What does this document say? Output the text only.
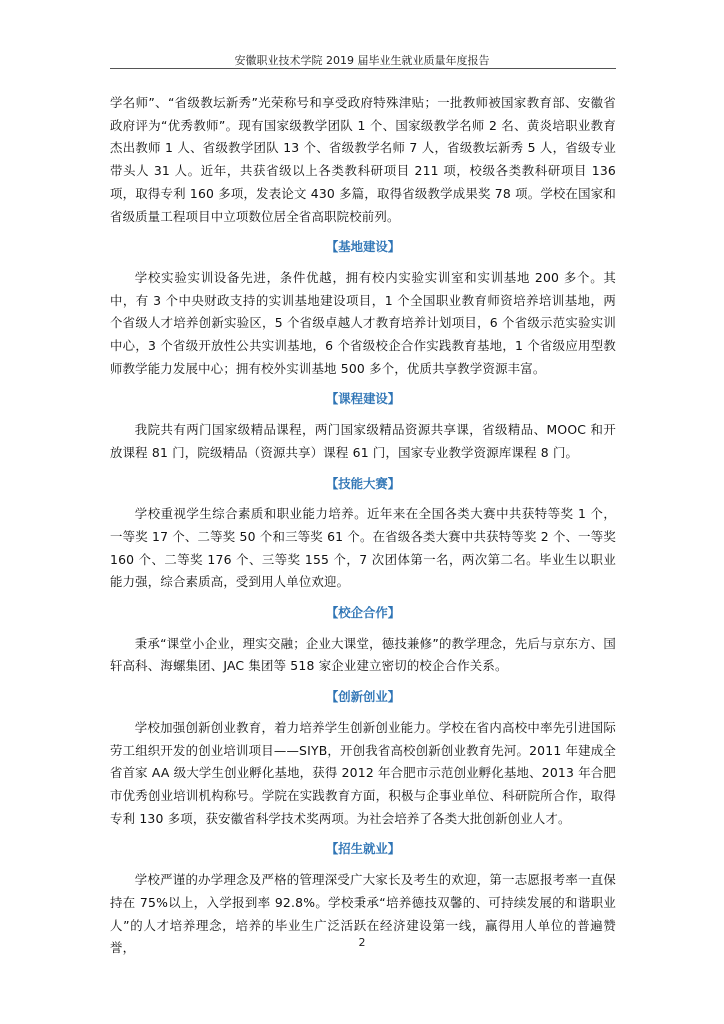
安徽职业技术学院 2019 届毕业生就业质量年度报告

学名师”、“省级教坛新秀”光荣称号和享受政府特殊津贴；一批教师被国家教育部、安徽省政府评为“优秀教师”。现有国家级教学团队 1 个、国家级教学名师 2 名、黄炎培职业教育杰出教师 1 人、省级教学团队 13 个、省级教学名师 7 人，省级教坛新秀 5 人，省级专业带头人 31 人。近年，共获省级以上各类教科研项目 211 项，校级各类教科研项目 136 项，取得专利 160 多项，发表论文 430 多篇，取得省级教学成果奖 78 项。学校在国家和省级质量工程项目中立项数位居全省高职院校前列。

【基地建设】

学校实验实训设备先进，条件优越，拥有校内实验实训室和实训基地 200 多个。其中，有 3 个中央财政支持的实训基地建设项目，1 个全国职业教育师资培养培训基地，两个省级人才培养创新实验区，5 个省级卓越人才教育培养计划项目，6 个省级示范实验实训中心，3 个省级开放性公共实训基地，6 个省级校企合作实践教育基地，1 个省级应用型教师教学能力发展中心；拥有校外实训基地 500 多个，优质共享教学资源丰富。

【课程建设】

我院共有两门国家级精品课程，两门国家级精品资源共享课，省级精品、MOOC 和开放课程 81 门，院级精品（资源共享）课程 61 门，国家专业教学资源库课程 8 门。

【技能大赛】

学校重视学生综合素质和职业能力培养。近年来在全国各类大赛中共获特等奖 1 个，一等奖 17 个、二等奖 50 个和三等奖 61 个。在省级各类大赛中共获特等奖 2 个、一等奖 160 个、二等奖 176 个、三等奖 155 个，7 次团体第一名，两次第二名。毕业生以职业能力强，综合素质高，受到用人单位欢迎。

【校企合作】

秉承“课堂小企业，理实交融；企业大课堂，德技兼修”的教学理念，先后与京东方、国轩高科、海螺集团、JAC 集团等 518 家企业建立密切的校企合作关系。

【创新创业】

学校加强创新创业教育，着力培养学生创新创业能力。学校在省内高校中率先引进国际劳工组织开发的创业培训项目——SIYB，开创我省高校创新创业教育先河。2011 年建成全省首家 AA 级大学生创业孵化基地，获得 2012 年合肥市示范创业孵化基地、2013 年合肥市优秀创业培训机构称号。学院在实践教育方面，积极与企事业单位、科研院所合作，取得专利 130 多项，获安徽省科学技术奖两项。为社会培养了各类大批创新创业人才。

【招生就业】

学校严谨的办学理念及严格的管理深受广大家长及考生的欢迎，第一志愿报考率一直保持在 75%以上，入学报到率 92.8%。学校秉承“培养德技双馨的、可持续发展的和谐职业人”的人才培养理念，培养的毕业生广泛活跃在经济建设第一线，赢得用人单位的普遍赞誉，	2
